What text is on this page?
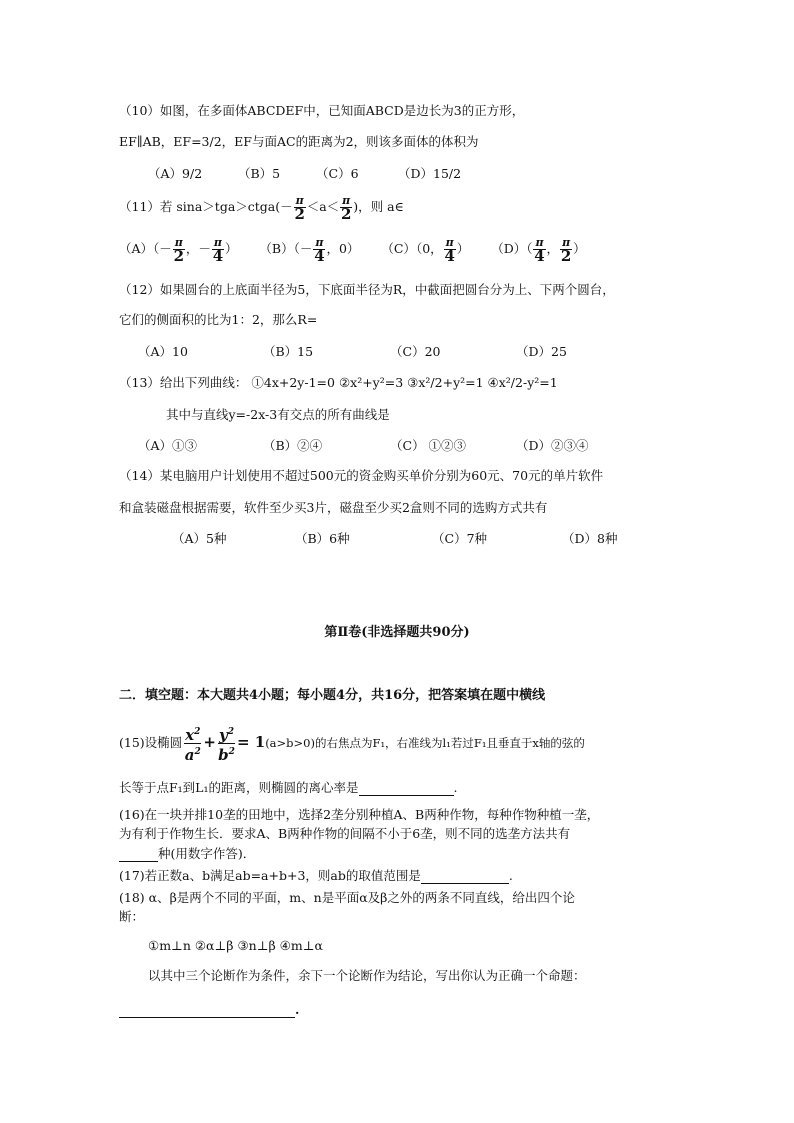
（10）如图，在多面体ABCDEF中，已知面ABCD是边长为3的正方形，
EF∥AB，EF=3/2，EF与面AC的距离为2，则该多面体的体积为
（A）9/2	（B）5	（C）6	（D）15/2
（11）若 sina＞tga＞ctga(－ $\frac{\pi}{2} <a< \frac{\pi}{2}$ )，则 a∈
$(A)(- \frac{\pi}{2}$ ，－ $\frac{\pi}{4}$ ） $(B)(- \frac{\pi}{4}$ ，0） （C）（0， $\frac{\pi}{4}$ ） $(D)( \frac{\pi}{4}$ ， $\frac{\pi}{2}$ ）
（12）如果圆台的上底面半径为5，下底面半径为R，中截面把圆台分为上、下两个圆台，
它们的侧面积的比为1：2，那么R=
（A）10	（B）15	（C）20	（D）25
（13）给出下列曲线： ①4x+2y-1=0 ②x²+y²=3 ③x²/2+y²=1 ④x²/2-y²=1
其中与直线y=-2x-3有交点的所有曲线是
（A）①③	（B）②④	（C） ①②③	（D）②③④
（14）某电脑用户计划使用不超过500元的资金购买单价分别为60元、70元的单片软件
和盒装磁盘根据需要，软件至少买3片，磁盘至少买2盒则不同的选购方式共有
（A）5种	（B）6种	（C）7种	（D）8种
第Ⅱ卷(非选择题共90分)
二．填空题：本大题共4小题；每小题4分，共16分，把答案填在题中横线
(15)设椭圆 $\frac{x^2}{a^2} + \frac{y^2}{b^2} = 1(a>b>0)$的右焦点为F₁，右准线为l₁若过F₁且垂直于x轴的弦的
长等于点F₁到L₁的距离，则椭圆的离心率是	.
(16)在一块并排10垄的田地中，选择2垄分别种植A、B两种作物，每种作物种植一垄，
为有利于作物生长．要求A、B两种作物的间隔不小于6垄，则不同的选垄方法共有
种(用数字作答)．
(17)若正数a、b满足ab=a+b+3，则ab的取值范围是	.
(18) α、β是两个不同的平面，m、n是平面α及β之外的两条不同直线，给出四个论
断：
①m⊥n ②α⊥β ③n⊥β ④m⊥α
以其中三个论断作为条件，余下一个论断作为结论，写出你认为正确一个命题：
.
